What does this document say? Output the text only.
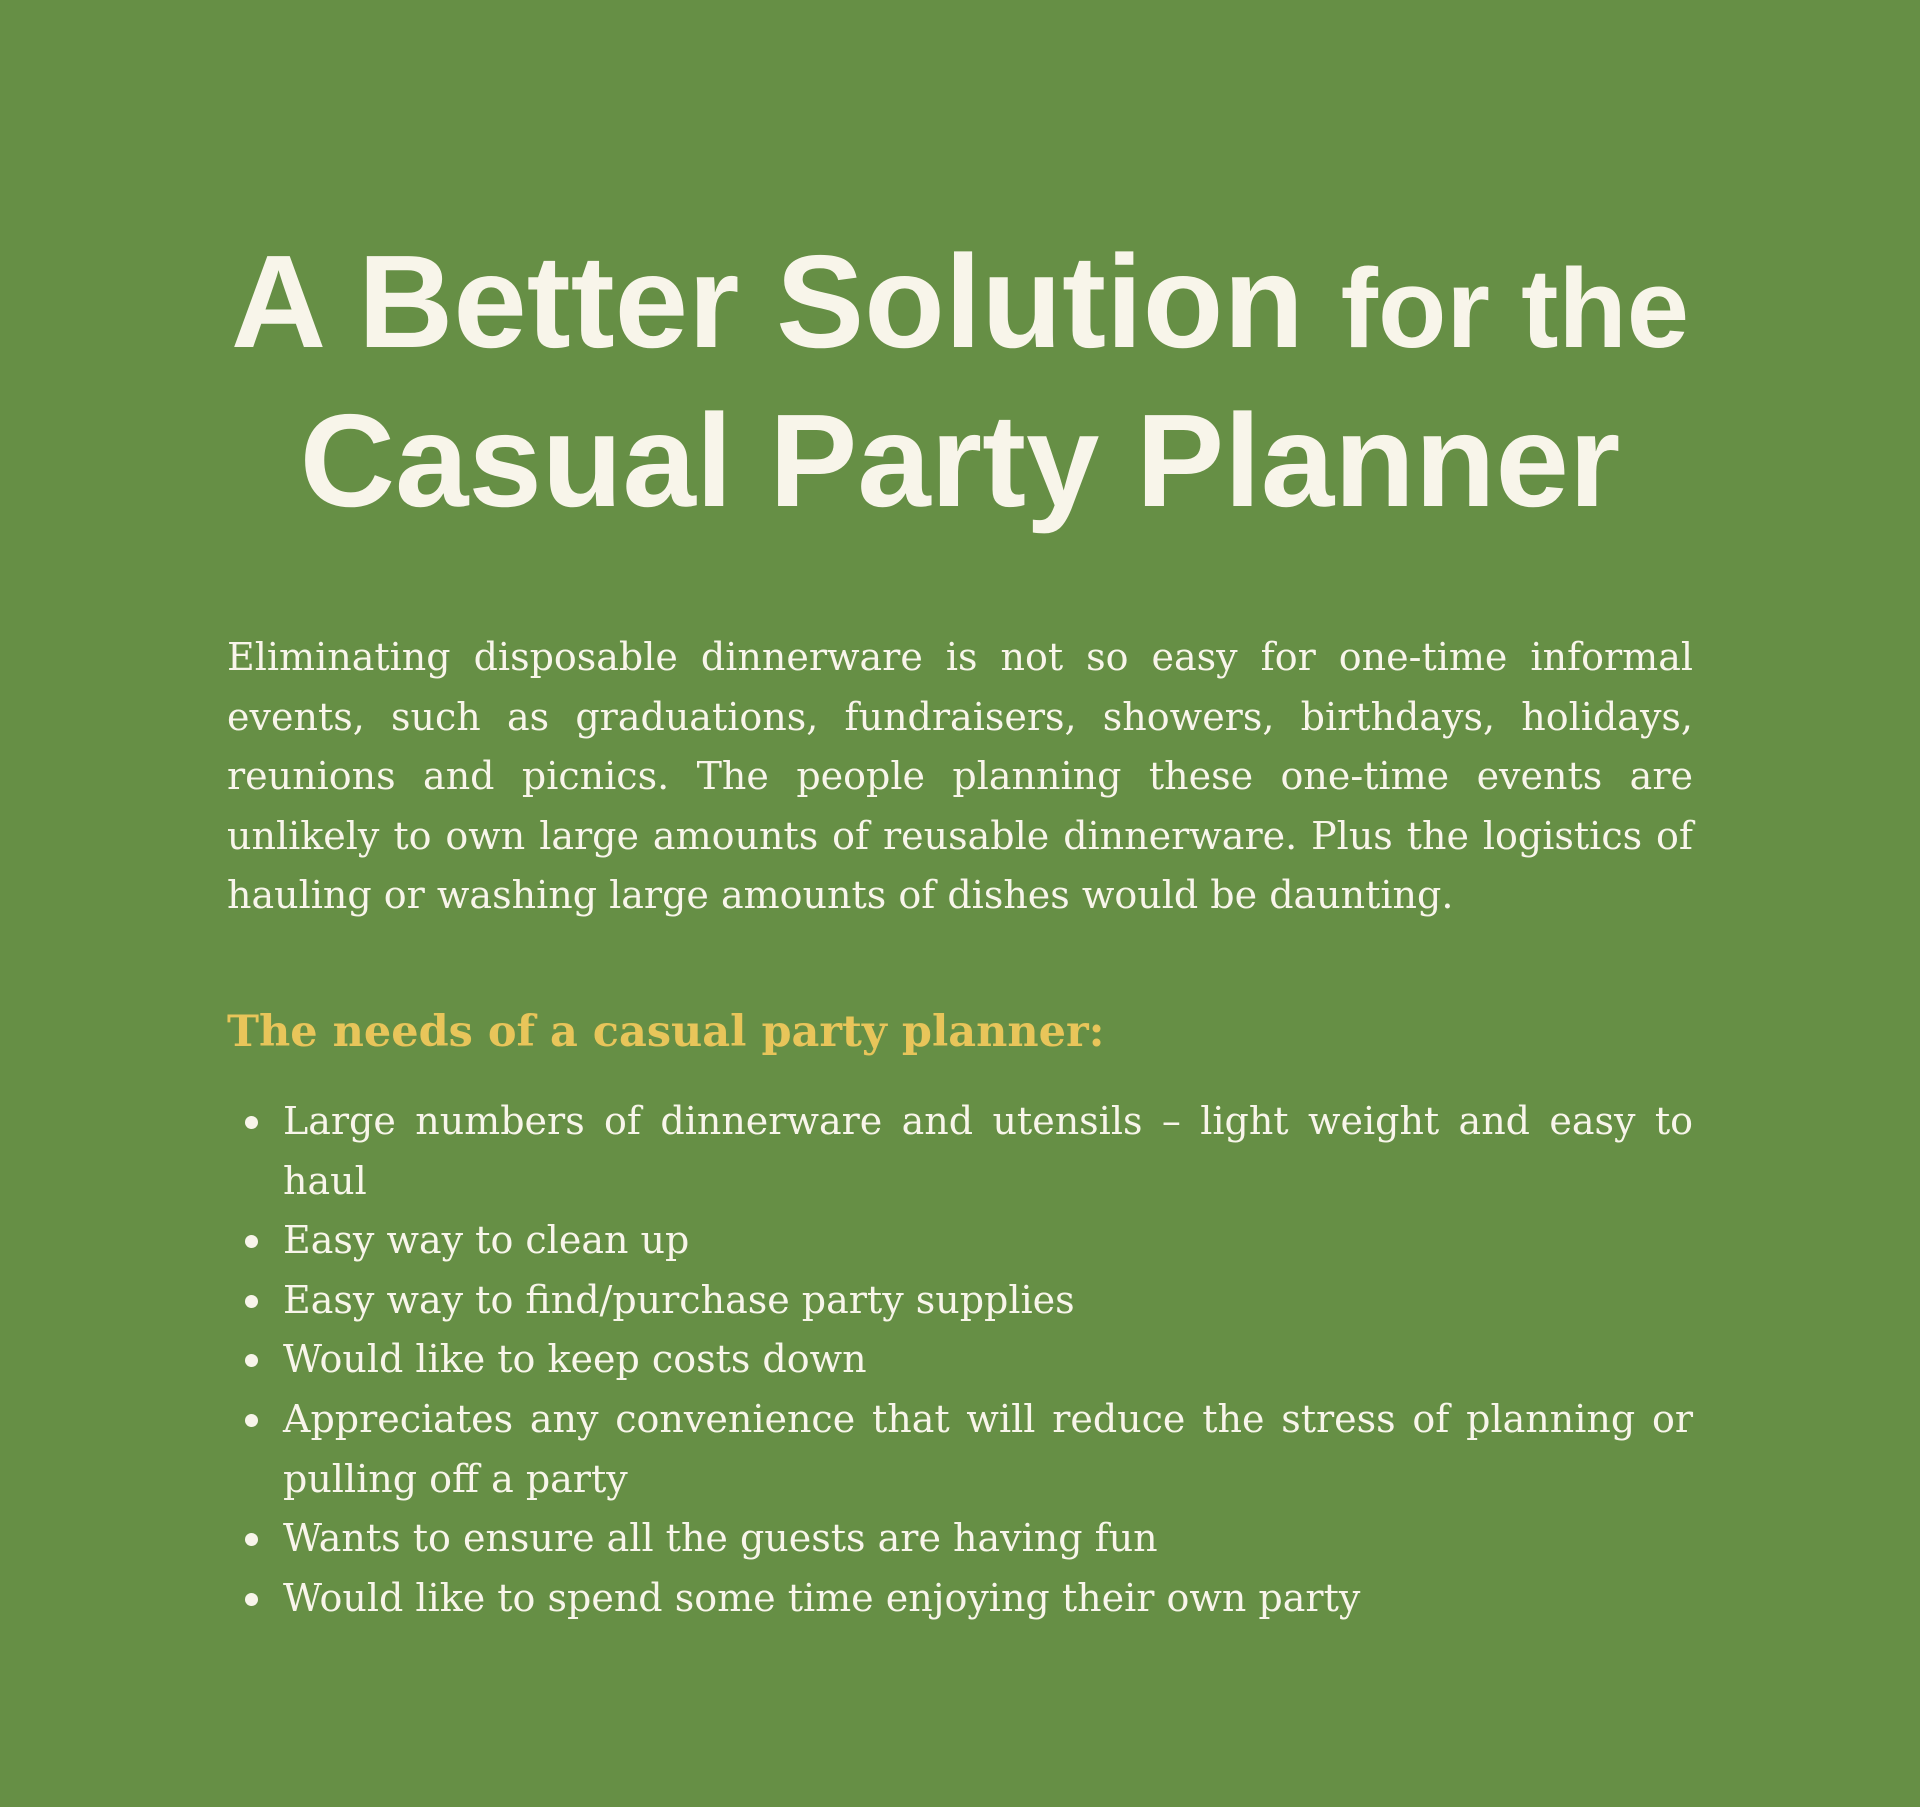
A Better Solution for the
Casual Party Planner

Eliminating disposable dinnerware is not so easy for one-time informal events, such as graduations, fundraisers, showers, birthdays, holidays, reunions and picnics. The people planning these one-time events are unlikely to own large amounts of reusable dinnerware. Plus the logistics of hauling or washing large amounts of dishes would be daunting.

The needs of a casual party planner:
Large numbers of dinnerware and utensils – light weight and easy to haul
Easy way to clean up
Easy way to find/purchase party supplies
Would like to keep costs down
Appreciates any convenience that will reduce the stress of planning or pulling off a party
Wants to ensure all the guests are having fun
Would like to spend some time enjoying their own party
